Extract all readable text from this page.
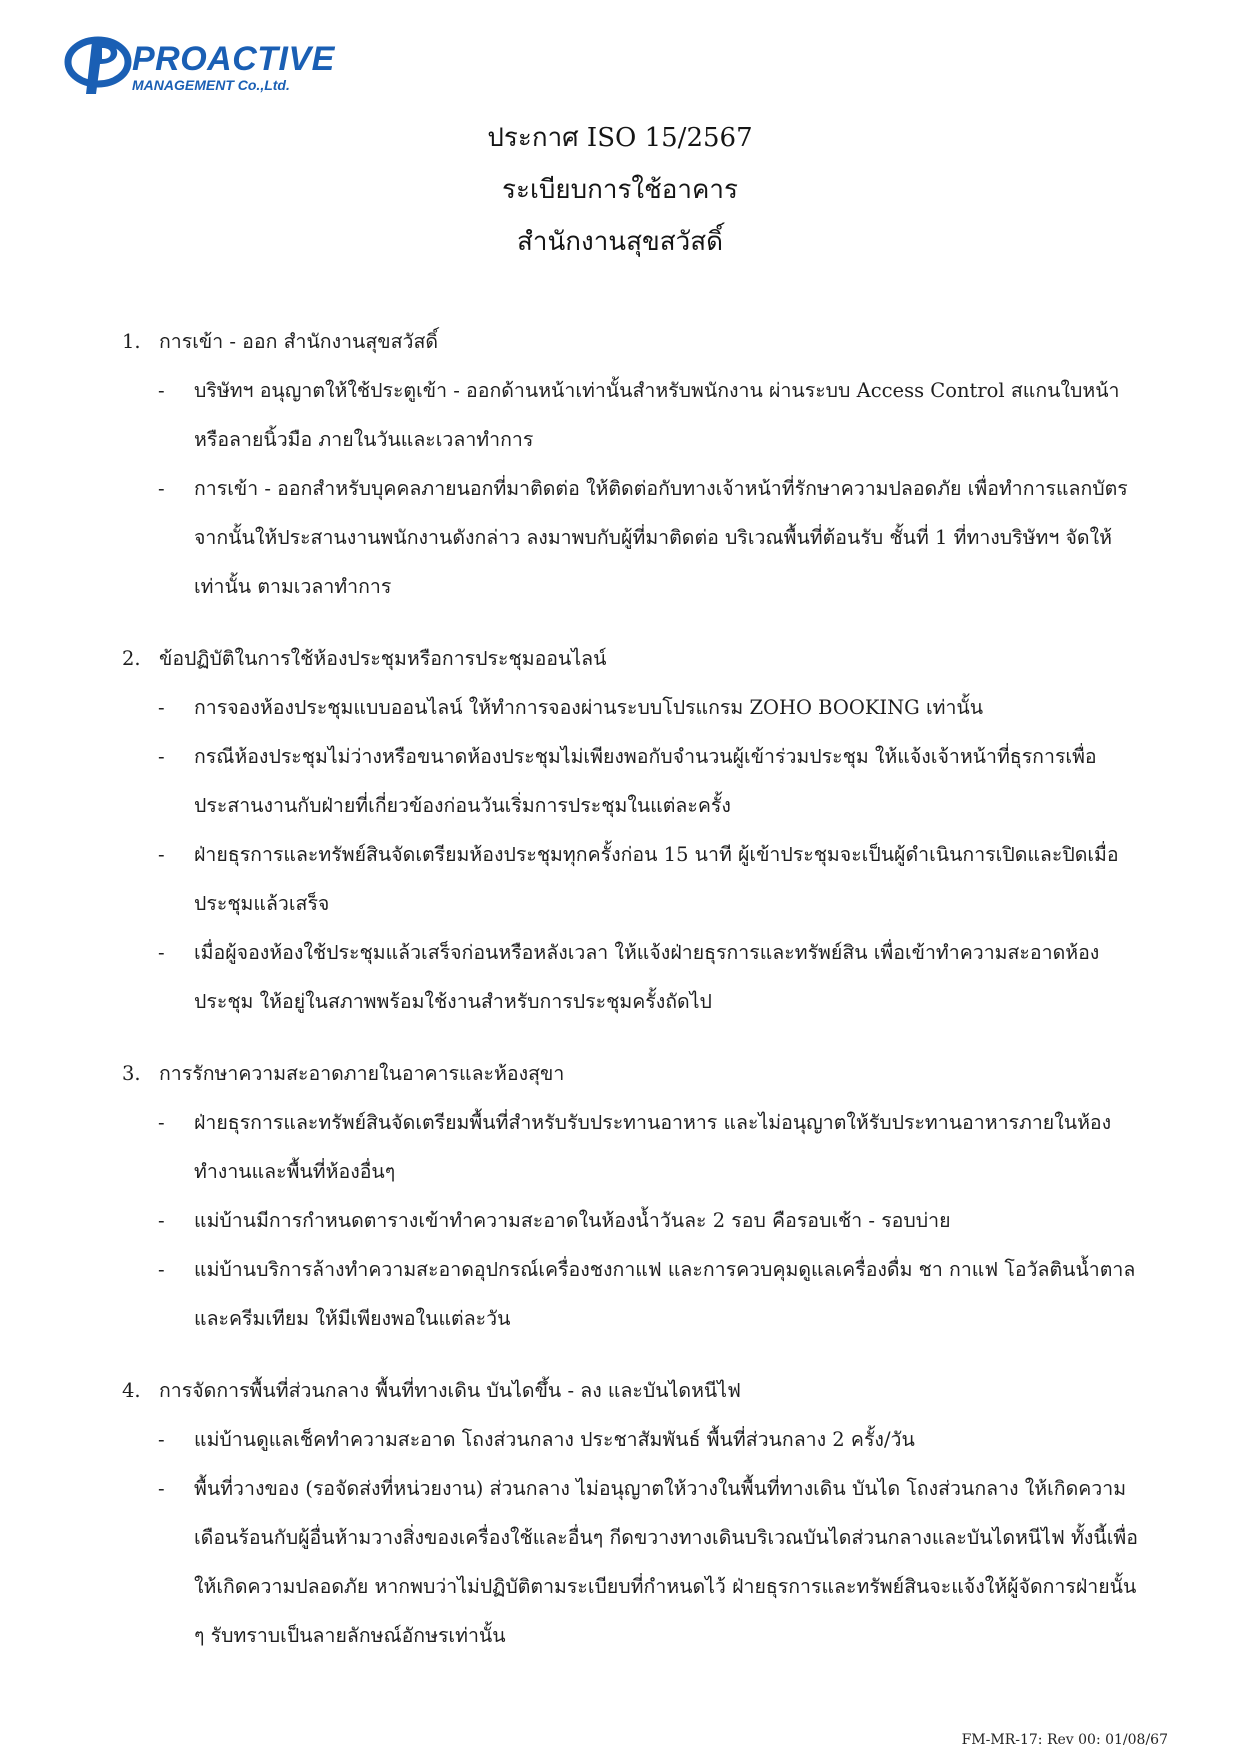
PROACTIVE
MANAGEMENT Co.,Ltd.
ประกาศ ISO 15/2567
ระเบียบการใช้อาคาร
สำนักงานสุขสวัสดิ์
1. การเข้า - ออก สำนักงานสุขสวัสดิ์
- บริษัทฯ อนุญาตให้ใช้ประตูเข้า - ออกด้านหน้าเท่านั้นสำหรับพนักงาน ผ่านระบบ Access Control สแกนใบหน้าหรือลายนิ้วมือ ภายในวันและเวลาทำการ
- การเข้า - ออกสำหรับบุคคลภายนอกที่มาติดต่อ ให้ติดต่อกับทางเจ้าหน้าที่รักษาความปลอดภัย เพื่อทำการแลกบัตร จากนั้นให้ประสานงานพนักงานดังกล่าว ลงมาพบกับผู้ที่มาติดต่อ บริเวณพื้นที่ต้อนรับ ชั้นที่ 1 ที่ทางบริษัทฯ จัดให้เท่านั้น ตามเวลาทำการ
2. ข้อปฏิบัติในการใช้ห้องประชุมหรือการประชุมออนไลน์
- การจองห้องประชุมแบบออนไลน์ ให้ทำการจองผ่านระบบโปรแกรม ZOHO BOOKING เท่านั้น
- กรณีห้องประชุมไม่ว่างหรือขนาดห้องประชุมไม่เพียงพอกับจำนวนผู้เข้าร่วมประชุม ให้แจ้งเจ้าหน้าที่ธุรการเพื่อประสานงานกับฝ่ายที่เกี่ยวข้องก่อนวันเริ่มการประชุมในแต่ละครั้ง
- ฝ่ายธุรการและทรัพย์สินจัดเตรียมห้องประชุมทุกครั้งก่อน 15 นาที ผู้เข้าประชุมจะเป็นผู้ดำเนินการเปิดและปิดเมื่อประชุมแล้วเสร็จ
- เมื่อผู้จองห้องใช้ประชุมแล้วเสร็จก่อนหรือหลังเวลา ให้แจ้งฝ่ายธุรการและทรัพย์สิน เพื่อเข้าทำความสะอาดห้องประชุม ให้อยู่ในสภาพพร้อมใช้งานสำหรับการประชุมครั้งถัดไป
3. การรักษาความสะอาดภายในอาคารและห้องสุขา
- ฝ่ายธุรการและทรัพย์สินจัดเตรียมพื้นที่สำหรับรับประทานอาหาร และไม่อนุญาตให้รับประทานอาหารภายในห้องทำงานและพื้นที่ห้องอื่นๆ
- แม่บ้านมีการกำหนดตารางเข้าทำความสะอาดในห้องน้ำวันละ 2 รอบ คือรอบเช้า - รอบบ่าย
- แม่บ้านบริการล้างทำความสะอาดอุปกรณ์เครื่องชงกาแฟ และการควบคุมดูแลเครื่องดื่ม ชา กาแฟ โอวัลตินน้ำตาล และครีมเทียม ให้มีเพียงพอในแต่ละวัน
4. การจัดการพื้นที่ส่วนกลาง พื้นที่ทางเดิน บันไดขึ้น - ลง และบันไดหนีไฟ
- แม่บ้านดูแลเช็คทำความสะอาด โถงส่วนกลาง ประชาสัมพันธ์ พื้นที่ส่วนกลาง 2 ครั้ง/วัน
- พื้นที่วางของ (รอจัดส่งที่หน่วยงาน) ส่วนกลาง ไม่อนุญาตให้วางในพื้นที่ทางเดิน บันได โถงส่วนกลาง ให้เกิดความเดือนร้อนกับผู้อื่นห้ามวางสิ่งของเครื่องใช้และอื่นๆ กีดขวางทางเดินบริเวณบันไดส่วนกลางและบันไดหนีไฟ ทั้งนี้เพื่อให้เกิดความปลอดภัย หากพบว่าไม่ปฏิบัติตามระเบียบที่กำหนดไว้ ฝ่ายธุรการและทรัพย์สินจะแจ้งให้ผู้จัดการฝ่ายนั้น ๆ รับทราบเป็นลายลักษณ์อักษรเท่านั้น
FM-MR-17: Rev 00: 01/08/67
